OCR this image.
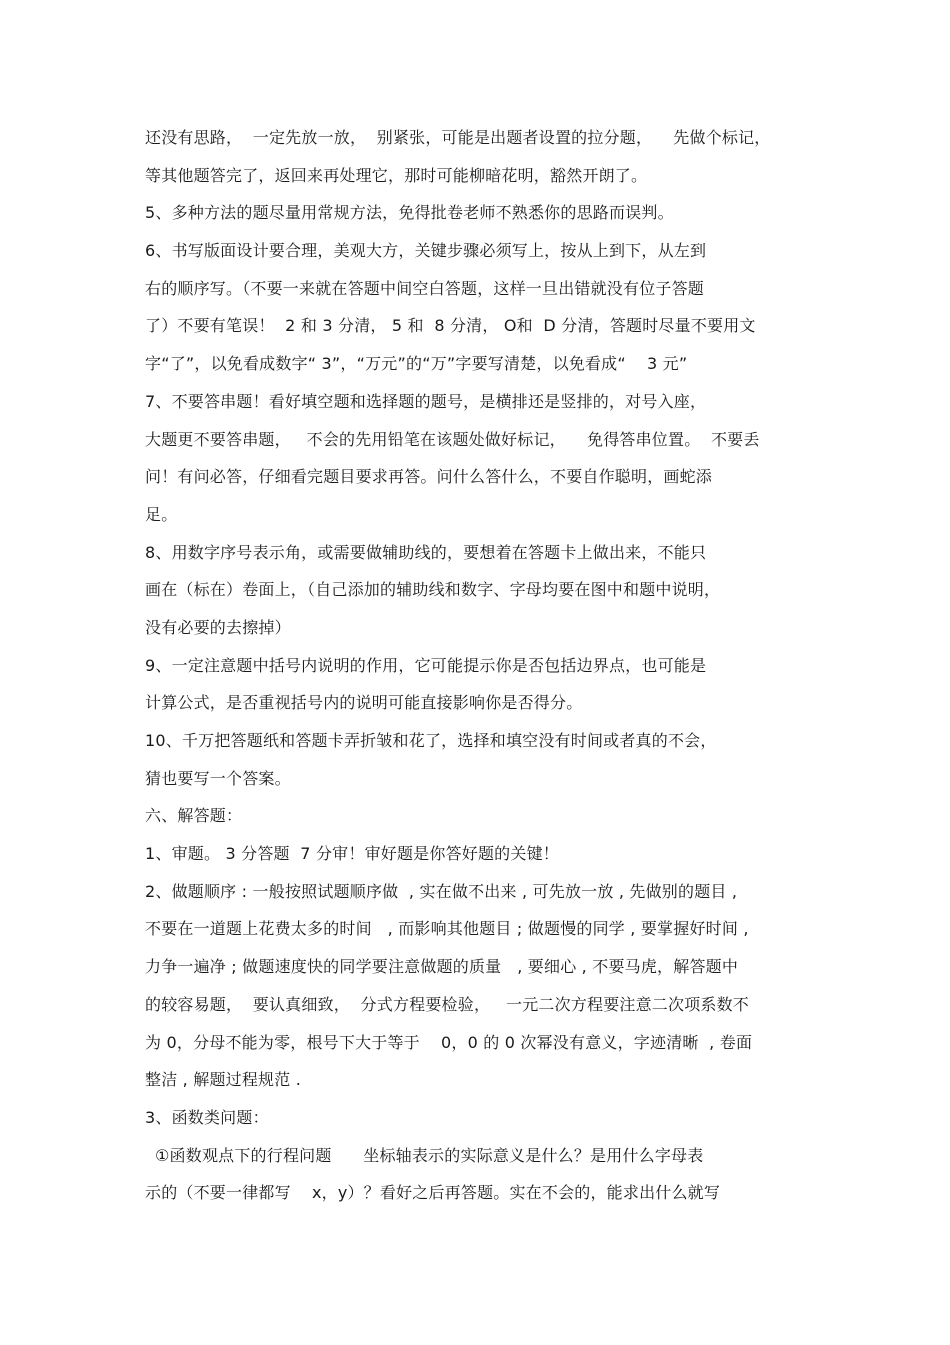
还没有思路，  一定先放一放，  别紧张，可能是出题者设置的拉分题，    先做个标记，
等其他题答完了，返回来再处理它，那时可能柳暗花明，豁然开朗了。
5、多种方法的题尽量用常规方法，免得批卷老师不熟悉你的思路而误判。
6、书写版面设计要合理，美观大方，关键步骤必须写上，按从上到下，从左到
右的顺序写。（不要一来就在答题中间空白答题，这样一旦出错就没有位子答题
了）不要有笔误！  2 和 3 分清， 5 和  8 分清， O和  D 分清，答题时尽量不要用文
字“了”，以免看成数字“ 3”，“万元”的“万”字要写清楚，以免看成“    3 元”
7、不要答串题！看好填空题和选择题的题号，是横排还是竖排的，对号入座，
大题更不要答串题，   不会的先用铅笔在该题处做好标记，    免得答串位置。  不要丢
问！有问必答，仔细看完题目要求再答。问什么答什么，不要自作聪明，画蛇添
足。
8、用数字序号表示角，或需要做辅助线的，要想着在答题卡上做出来，不能只
画在（标在）卷面上，（自己添加的辅助线和数字、字母均要在图中和题中说明，
没有必要的去擦掉）
9、一定注意题中括号内说明的作用，它可能提示你是否包括边界点，也可能是
计算公式，是否重视括号内的说明可能直接影响你是否得分。
10、千万把答题纸和答题卡弄折皱和花了，选择和填空没有时间或者真的不会，
猜也要写一个答案。
六、解答题：
1、审题。 3 分答题  7 分审！审好题是你答好题的关键！
2、做题顺序 : 一般按照试题顺序做  , 实在做不出来 , 可先放一放 , 先做别的题目 ,
不要在一道题上花费太多的时间   , 而影响其他题目 ; 做题慢的同学 , 要掌握好时间 ,
力争一遍净 ; 做题速度快的同学要注意做题的质量   , 要细心 , 不要马虎，解答题中
的较容易题，  要认真细致，  分式方程要检验，   一元二次方程要注意二次项系数不
为 0，分母不能为零，根号下大于等于    0，0 的 0 次幂没有意义，字迹清晰  , 卷面
整洁 , 解题过程规范 .
3、函数类问题：
①函数观点下的行程问题      坐标轴表示的实际意义是什么？是用什么字母表
示的（不要一律都写    x，y）？看好之后再答题。实在不会的，能求出什么就写
